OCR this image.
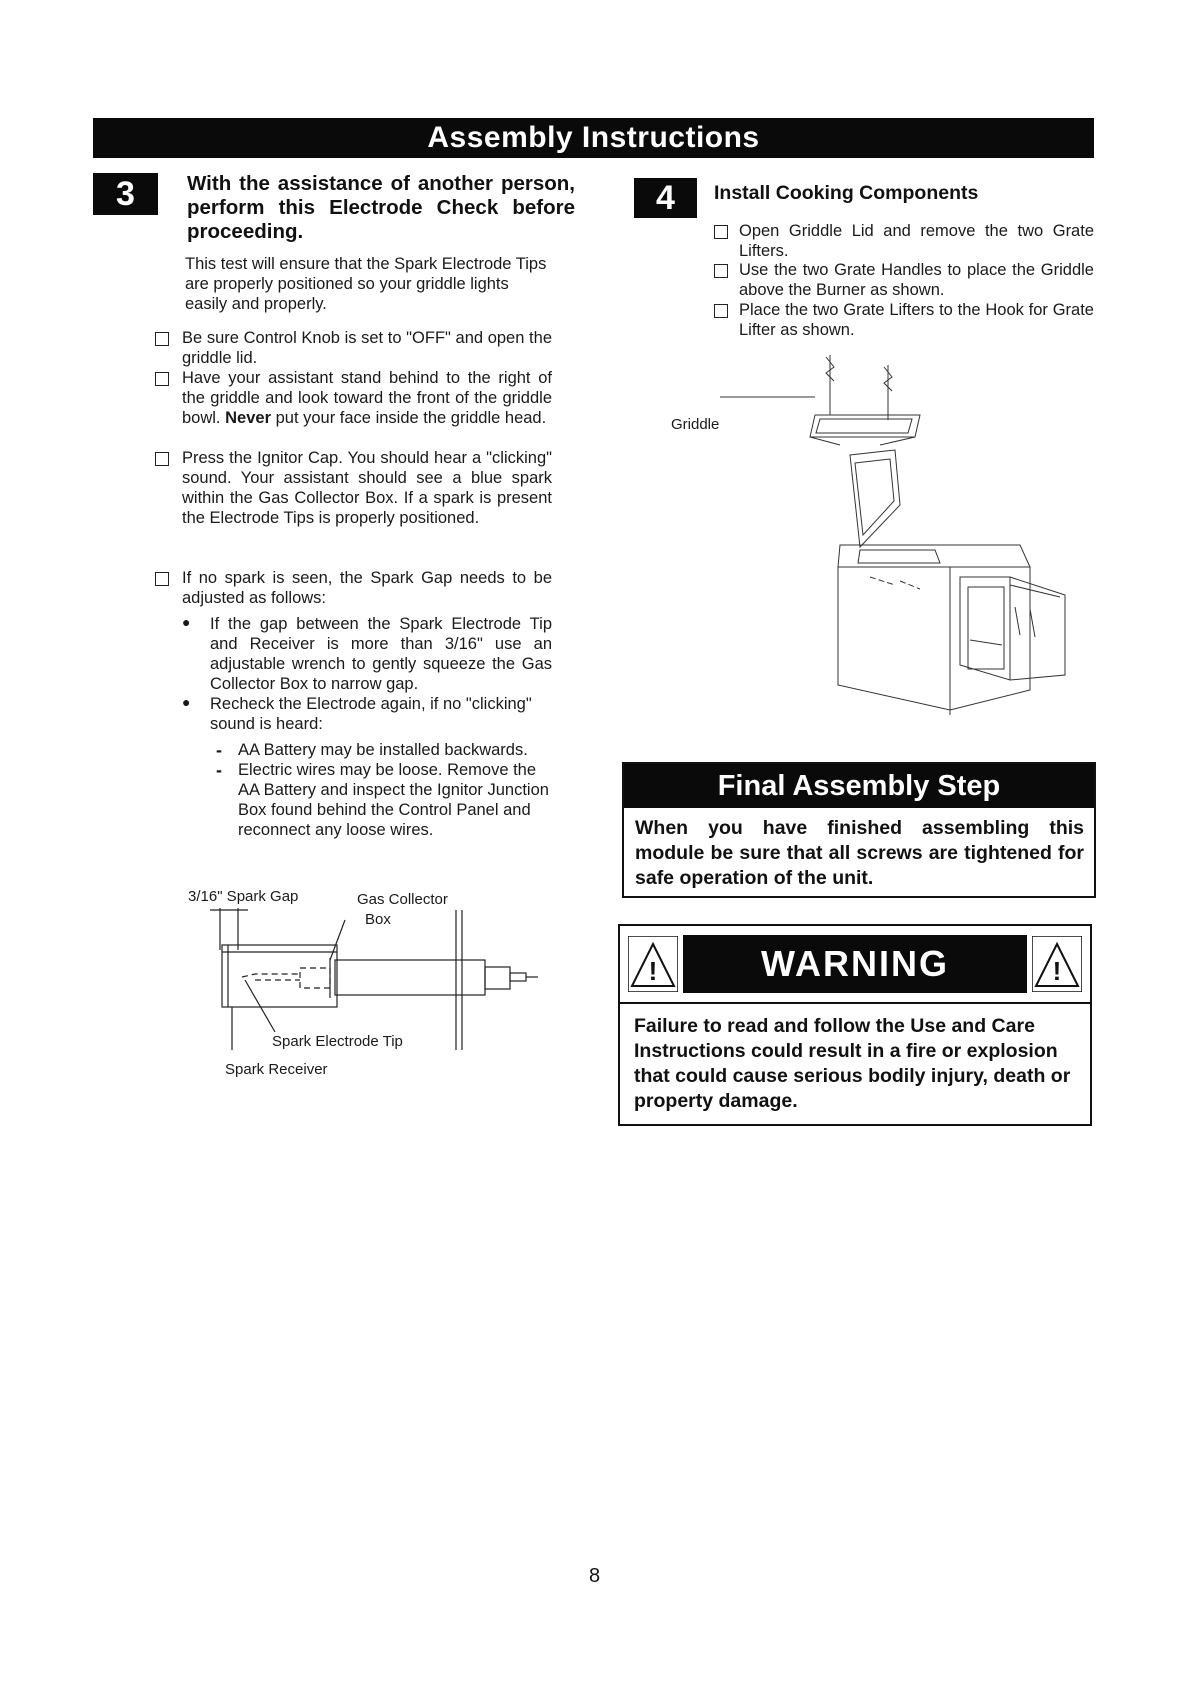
Assembly Instructions
3	With the assistance of another person, perform this Electrode Check before proceeding.
This test will ensure that the Spark Electrode Tips are properly positioned so your griddle lights easily and properly.
Be sure Control Knob is set to "OFF" and open the griddle lid.
Have your assistant stand behind to the right of the griddle and look toward the front of the griddle bowl. Never put your face inside the griddle head.
Press the Ignitor Cap. You should hear a "clicking" sound. Your assistant should see a blue spark within the Gas Collector Box. If a spark is present the Electrode Tips is properly positioned.
If no spark is seen, the Spark Gap needs to be adjusted as follows:
● If the gap between the Spark Electrode Tip and Receiver is more than 3/16" use an adjustable wrench to gently squeeze the Gas Collector Box to narrow gap.
● Recheck the Electrode again, if no "clicking" sound is heard:
- AA Battery may be installed backwards.
- Electric wires may be loose. Remove the AA Battery and inspect the Ignitor Junction Box found behind the Control Panel and reconnect any loose wires.
3/16" Spark Gap	Gas Collector
Box
Spark Electrode Tip
Spark Receiver
4	Install Cooking Components
Open Griddle Lid and remove the two Grate Lifters.
Use the two Grate Handles to place the Griddle above the Burner as shown.
Place the two Grate Lifters to the Hook for Grate Lifter as shown.
Griddle
Final Assembly Step
When you have finished assembling this module be sure that all screws are tightened for safe operation of the unit.
WARNING
!	!
Failure to read and follow the Use and Care Instructions could result in a fire or explosion that could cause serious bodily injury, death or property damage.
8
